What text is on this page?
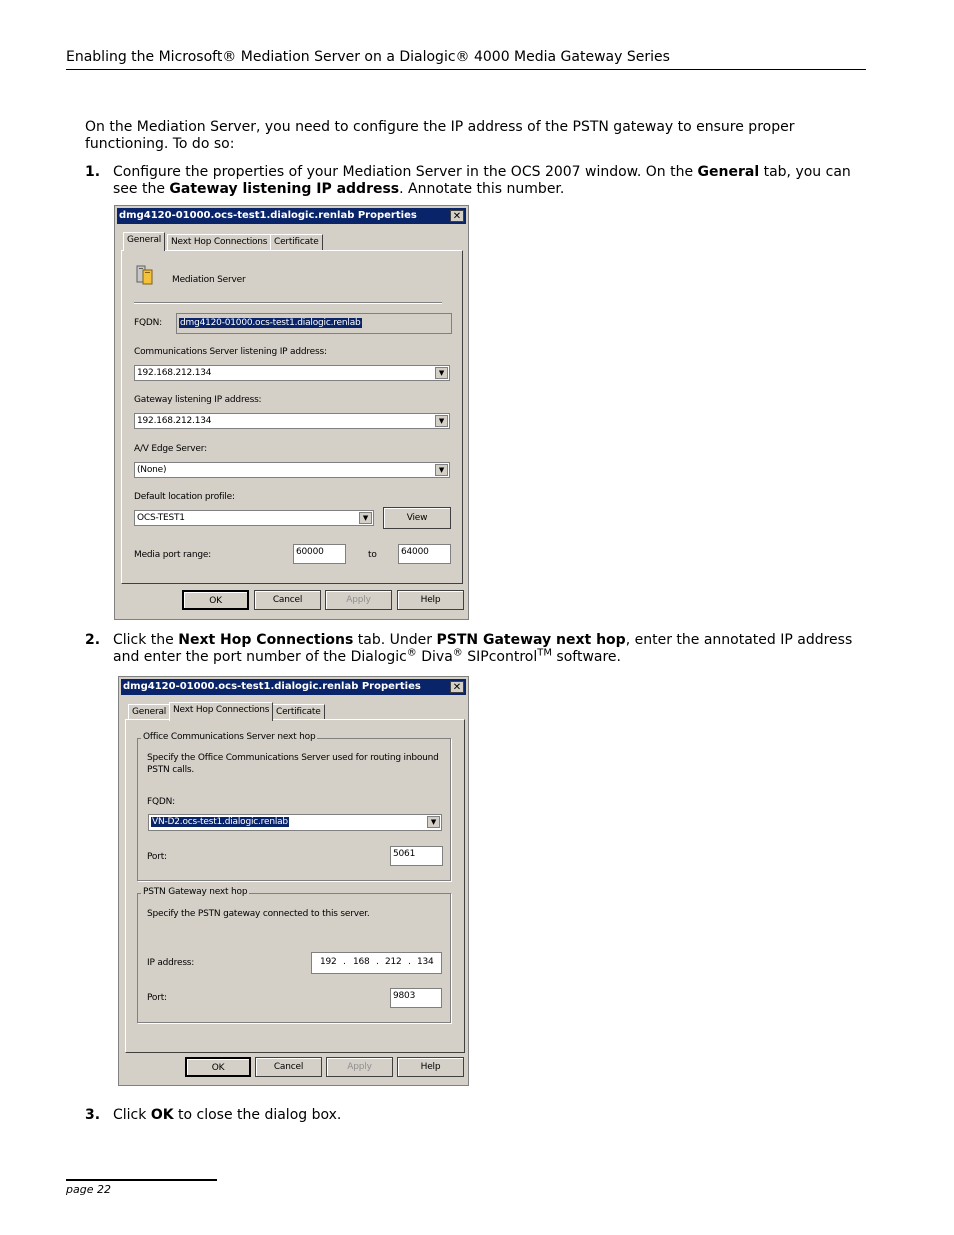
Enabling the Microsoft® Mediation Server on a Dialogic® 4000 Media Gateway Series
On the Mediation Server, you need to configure the IP address of the PSTN gateway to ensure proper functioning. To do so:
1. Configure the properties of your Mediation Server in the OCS 2007 window. On the General tab, you can see the Gateway listening IP address. Annotate this number.
dmg4120-01000.ocs-test1.dialogic.renlab Properties	✕
General	Next Hop Connections Certificate
Mediation Server
FQDN:	dmg4120-01000.ocs-test1.dialogic.renlab
Communications Server listening IP address:
192.168.212.134	▼
Gateway listening IP address:
192.168.212.134	▼
A/V Edge Server:
(None)	▼
Default location profile:
OCS-TEST1	▼	View
Media port range:	60000	to	64000
OK	Cancel	Apply	Help
2. Click the Next Hop Connections tab. Under PSTN Gateway next hop, enter the annotated IP address and enter the port number of the Dialogic® Diva® SIPcontrol™ software.
dmg4120-01000.ocs-test1.dialogic.renlab Properties	✕
General Next Hop Connections Certificate
Office Communications Server next hop
Specify the Office Communications Server used for routing inbound PSTN calls.
FQDN:
VN-D2.ocs-test1.dialogic.renlab	▼
Port:	5061
PSTN Gateway next hop
Specify the PSTN gateway connected to this server.
IP address:	192 . 168 . 212 . 134
Port:	9803
OK	Cancel	Apply	Help
3. Click OK to close the dialog box.
page 22
